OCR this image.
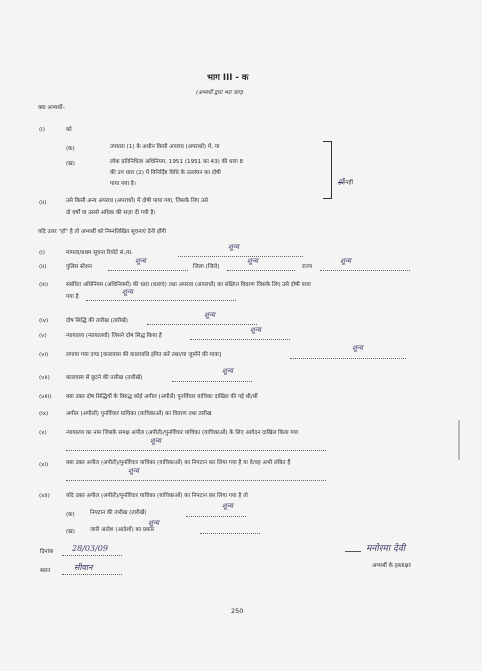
भाग III - क
(अभ्यर्थी द्वारा भरा जाए)
क्या अभ्यर्थी–
(i)	को
(क)	उपधारा (1) के अधीन किसी अपराध (अपराधों) में, या
(ख)	लोक प्रतिनिधित्व अधिनियम, 1951 (1951 का 43) की धारा 8
की उप धारा (2) में विनिर्दिष्ट विधि के उल्लंघन का दोषी
पाया गया है।	हाँ/नहीं
(ii)	उसे किसी अन्य अपराध (अपराधों) में दोषी पाया गया, जिसके लिए उसे
दो वर्षों या उससे अधिक की सज़ा दी गयी है।
यदि उत्तर "हाँ" है तो अभ्यर्थी को निम्नलिखित सूचनाएं देनी होंगी
(i)	मामला/प्रथम सूचना रिपोर्ट सं./स.
शून्य
(ii)	पुलिस स्टेशन
शून्य
जिला (जिले)
शून्य
राज्य
शून्य
(iii)	संबंधित अधिनियम (अधिनियमों) की धारा (धाराएं) तथा अपराध (अपराधों) का संक्षिप्त विवरण जिसके लिए उसे दोषी पाया
गया है
शून्य
(iv)	दोष सिद्धि की तारीख (तारीखें)
शून्य
(v)	न्यायालय (न्यायालयों) जिसने दोष सिद्ध किया है
शून्य
(vi)	लगाया गया दण्ड [कारावास की कालावधि इंगित करें तथा/या जुर्माने की मात्रा]
शून्य
(vii)	कारावास से छूटने की तारीख (तारीखें)
शून्य
(viii)	क्या उक्त दोष सिद्धियों के विरुद्ध कोई अपील (अपीलें) पुनर्विचार याचिका दाखिल की गई थी/थीं
(ix)	अपील (अपीलों) पुनर्विचार याचिका (याचिकाओं) का विवरण तथा तारीख
(x)	न्यायालय का नाम जिसके समक्ष अपील (अपीलें)/पुनर्विचार याचिका (याचिकाओं) के लिए आवेदन दाखिल किया गया
शून्य
(xi)	क्या उक्त अपील (अपीलें)/पुनर्विचार याचिका (याचिकाओं) का निपटान कर लिया गया है या वे/वह अभी लंबित हैं
शून्य
(xii)	यदि उक्त अपील (अपीलें)/पुनर्विचार याचिका (याचिकाओं) का निपटान कर लिया गया है तो
(क)	निपटान की तारीख (तारीखें)
शून्य
(ख)	जारी आदेश (आदेशों) का प्रकार
शून्य
दिनांक 28/03/09
स्थान	सीवान
मनोरमा देवी
अभ्यर्थी के हस्ताक्षर
250
